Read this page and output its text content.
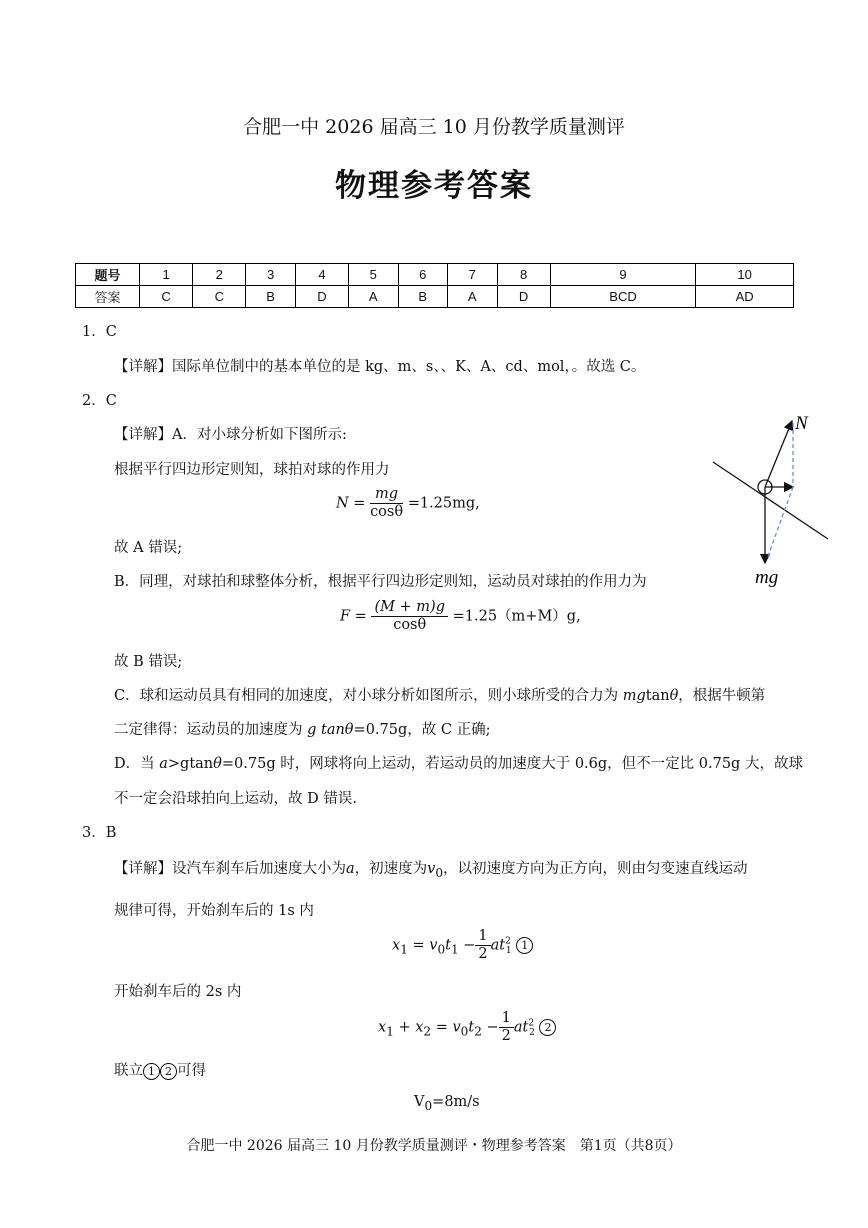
合肥一中 2026 届高三 10 月份教学质量测评
物理参考答案
题号	1	2	3	4	5	6	7	8	9	10
答案	C	C	B	D	A	B	A	D	BCD	AD
1．C
【详解】国际单位制中的基本单位的是 kg、m、s、、K、A、cd、mol，。故选 C。
2．C
【详解】A．对小球分析如下图所示:
根据平行四边形定则知，球拍对球的作用力
$N = \frac{mg}{\cos\theta} =1.25mg$,
故 A 错误;
B．同理，对球拍和球整体分析，根据平行四边形定则知，运动员对球拍的作用力为
$F = \frac{(M + m)g}{\cos\theta} =1.25(m+M)g$,
故 B 错误;
C．球和运动员具有相同的加速度，对小球分析如图所示，则小球所受的合力为 mgtanθ，根据牛顿第
二定律得：运动员的加速度为 g tanθ=0.75g，故 C 正确;
D．当 a>gtanθ=0.75g 时，网球将向上运动，若运动员的加速度大于 0.6g，但不一定比 0.75g 大，故球
不一定会沿球拍向上运动，故 D 错误.
N
mg
3．B
【详解】设汽车刹车后加速度大小为a，初速度为$v_0$，以初速度方向为正方向，则由匀变速直线运动
规律可得，开始刹车后的 1s 内
$x_1 = v_0t_1 - \frac{1}{2} at^2_1$ 1
开始刹车后的 2s 内
$x_1 + x_2 = v_0t_2 - \frac{1}{2} at^2_2$ 2
联立 1 2 可得
$V_0=8m/s$
合肥一中 2026 届高三 10 月份教学质量测评・物理参考答案　第1页（共8页）
